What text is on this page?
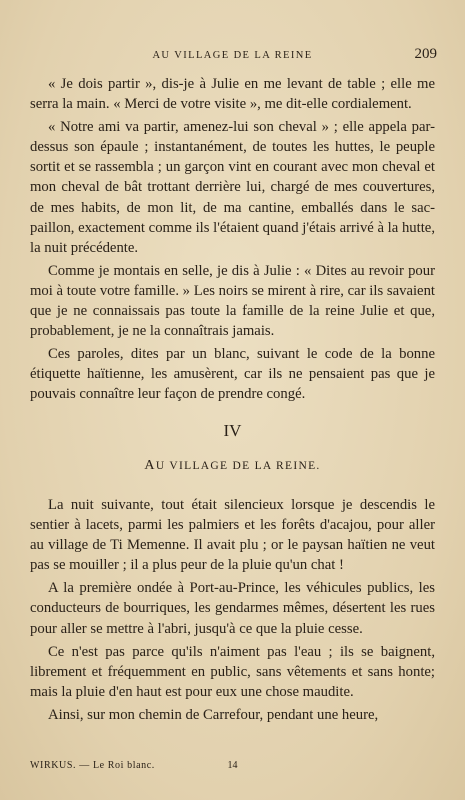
AU VILLAGE DE LA REINE	209

« Je dois partir », dis-je à Julie en me levant de table ; elle me serra la main. « Merci de votre visite », me dit-elle cordialement.

« Notre ami va partir, amenez-lui son cheval » ; elle appela par-dessus son épaule ; instantanément, de toutes les huttes, le peuple sortit et se rassembla ; un garçon vint en courant avec mon cheval et mon cheval de bât trottant derrière lui, chargé de mes couvertures, de mes habits, de mon lit, de ma cantine, emballés dans le sac-paillon, exactement comme ils l'étaient quand j'étais arrivé à la hutte, la nuit précédente.

Comme je montais en selle, je dis à Julie : « Dites au revoir pour moi à toute votre famille. » Les noirs se mirent à rire, car ils savaient que je ne connaissais pas toute la famille de la reine Julie et que, probablement, je ne la connaîtrais jamais.

Ces paroles, dites par un blanc, suivant le code de la bonne étiquette haïtienne, les amusèrent, car ils ne pensaient pas que je pouvais connaître leur façon de prendre congé.

IV
AU VILLAGE DE LA REINE.

La nuit suivante, tout était silencieux lorsque je descendis le sentier à lacets, parmi les palmiers et les forêts d'acajou, pour aller au village de Ti Memenne. Il avait plu ; or le paysan haïtien ne veut pas se mouiller ; il a plus peur de la pluie qu'un chat !

A la première ondée à Port-au-Prince, les véhicules publics, les conducteurs de bourriques, les gendarmes mêmes, désertent les rues pour aller se mettre à l'abri, jusqu'à ce que la pluie cesse.

Ce n'est pas parce qu'ils n'aiment pas l'eau ; ils se baignent, librement et fréquemment en public, sans vêtements et sans honte; mais la pluie d'en haut est pour eux une chose maudite.

Ainsi, sur mon chemin de Carrefour, pendant une heure,

WIRKUS. — Le Roi blanc.	14
